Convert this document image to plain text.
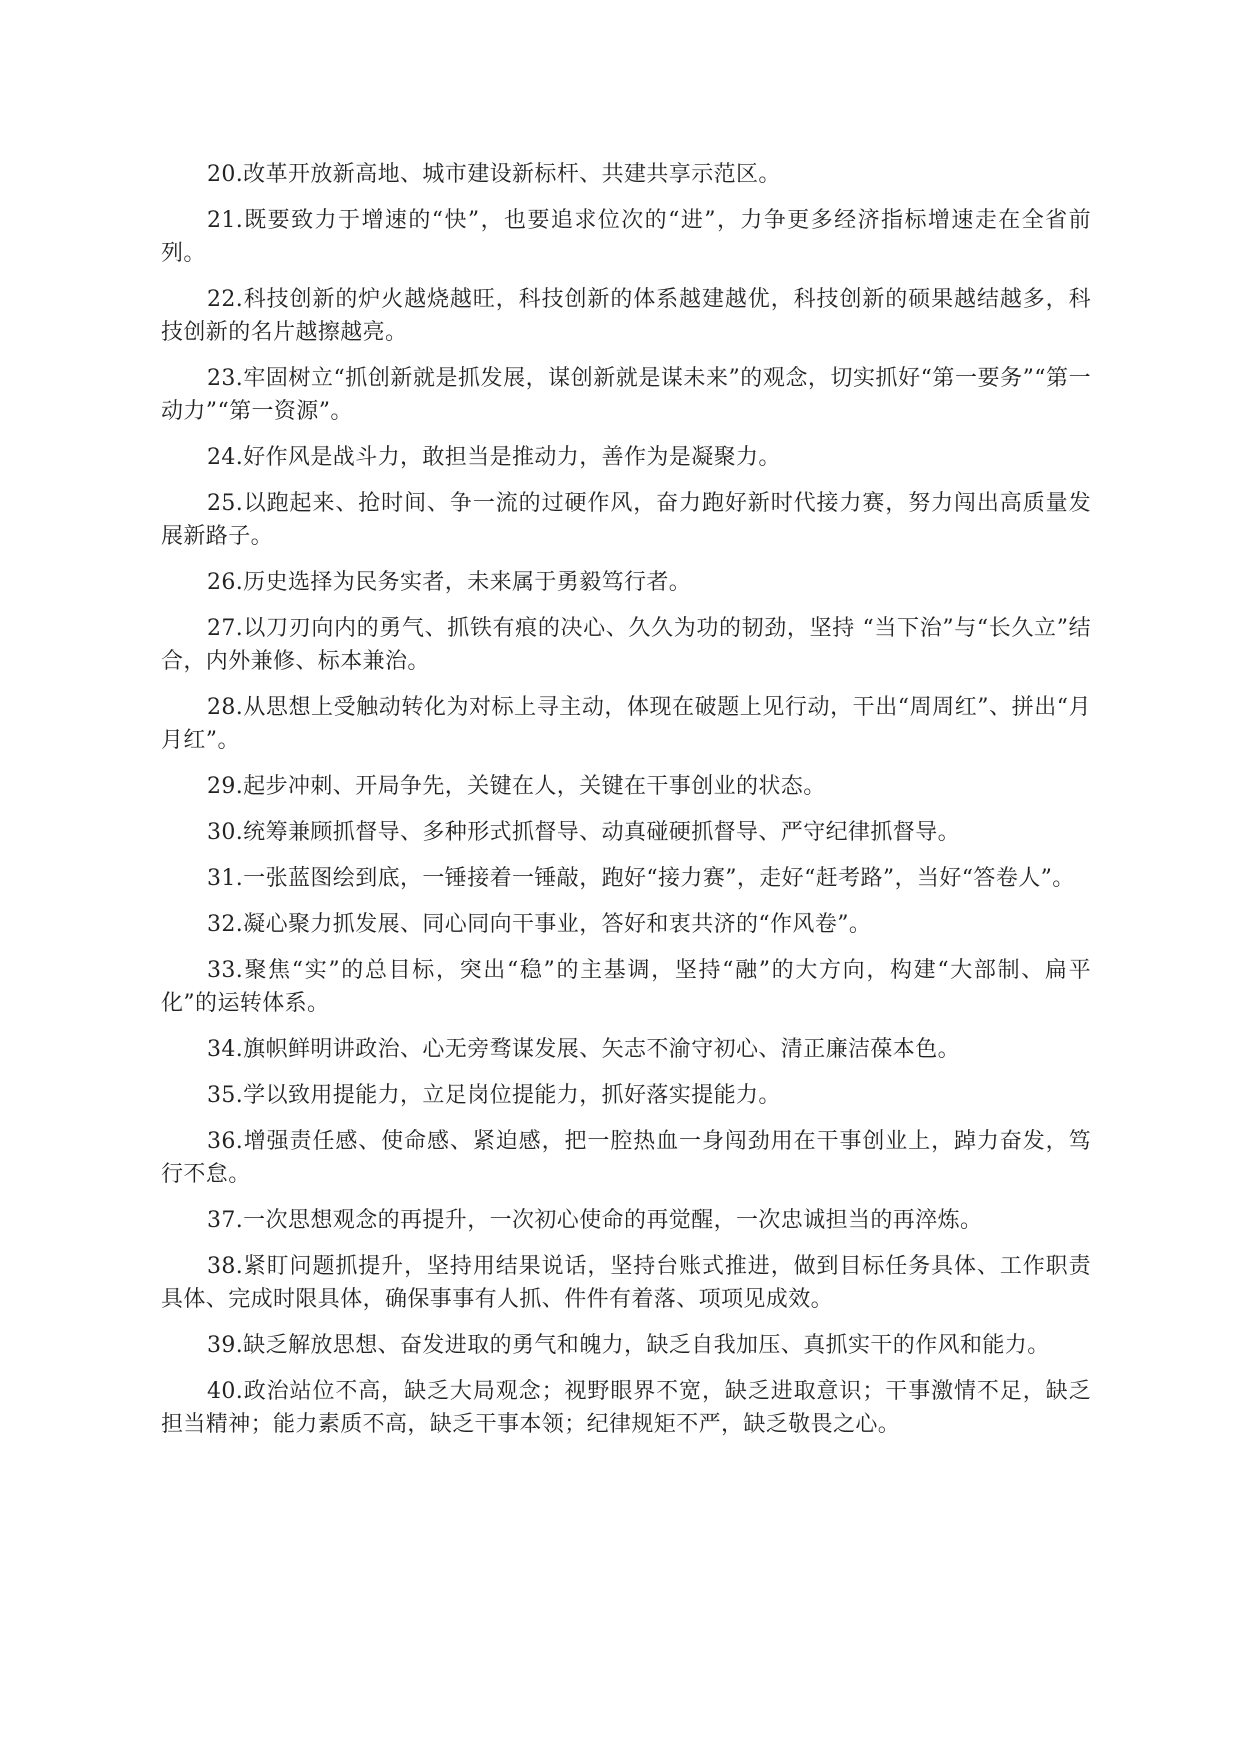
20.改革开放新高地、城市建设新标杆、共建共享示范区。

21.既要致力于增速的“快”，也要追求位次的“进”，力争更多经济指标增速走在全省前列。

22.科技创新的炉火越烧越旺，科技创新的体系越建越优，科技创新的硕果越结越多，科技创新的名片越擦越亮。

23.牢固树立“抓创新就是抓发展，谋创新就是谋未来”的观念，切实抓好“第一要务”“第一动力”“第一资源”。

24.好作风是战斗力，敢担当是推动力，善作为是凝聚力。

25.以跑起来、抢时间、争一流的过硬作风，奋力跑好新时代接力赛，努力闯出高质量发展新路子。

26.历史选择为民务实者，未来属于勇毅笃行者。

27.以刀刃向内的勇气、抓铁有痕的决心、久久为功的韧劲，坚持 “当下治”与“长久立”结合，内外兼修、标本兼治。

28.从思想上受触动转化为对标上寻主动，体现在破题上见行动，干出“周周红”、拼出“月月红”。

29.起步冲刺、开局争先，关键在人，关键在干事创业的状态。

30.统筹兼顾抓督导、多种形式抓督导、动真碰硬抓督导、严守纪律抓督导。

31.一张蓝图绘到底，一锤接着一锤敲，跑好“接力赛”，走好“赶考路”，当好“答卷人”。

32.凝心聚力抓发展、同心同向干事业，答好和衷共济的“作风卷”。

33.聚焦“实”的总目标，突出“稳”的主基调，坚持“融”的大方向，构建“大部制、扁平化”的运转体系。

34.旗帜鲜明讲政治、心无旁骛谋发展、矢志不渝守初心、清正廉洁葆本色。

35.学以致用提能力，立足岗位提能力，抓好落实提能力。

36.增强责任感、使命感、紧迫感，把一腔热血一身闯劲用在干事创业上，踔力奋发，笃行不怠。

37.一次思想观念的再提升，一次初心使命的再觉醒，一次忠诚担当的再淬炼。

38.紧盯问题抓提升，坚持用结果说话，坚持台账式推进，做到目标任务具体、工作职责具体、完成时限具体，确保事事有人抓、件件有着落、项项见成效。

39.缺乏解放思想、奋发进取的勇气和魄力，缺乏自我加压、真抓实干的作风和能力。

40.政治站位不高，缺乏大局观念；视野眼界不宽，缺乏进取意识；干事激情不足，缺乏担当精神；能力素质不高，缺乏干事本领；纪律规矩不严，缺乏敬畏之心。
